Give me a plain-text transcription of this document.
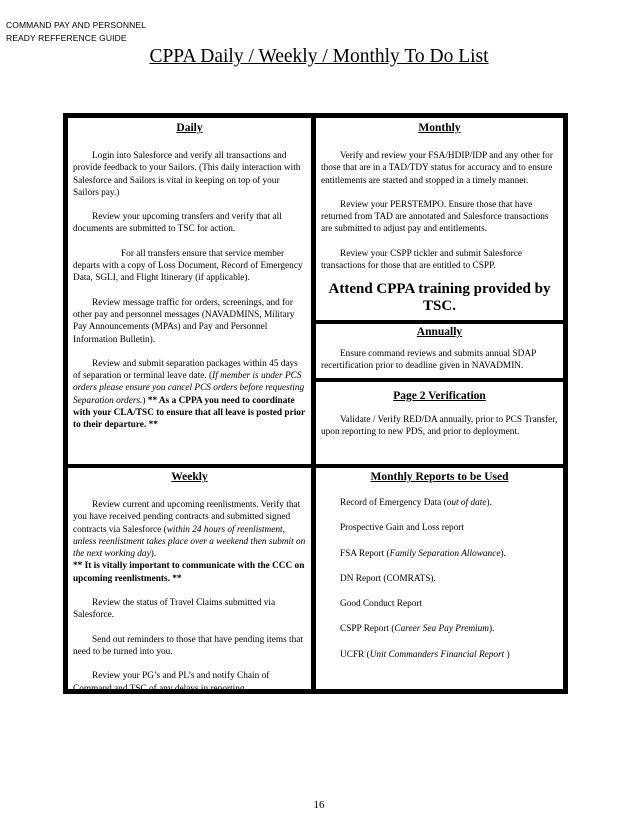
COMMAND PAY AND PERSONNEL
READY REFFERENCE GUIDE
CPPA Daily / Weekly / Monthly To Do List
Daily

Login into Salesforce and verify all transactions and provide feedback to your Sailors. (This daily interaction with Salesforce and Sailors is vital in keeping on top of your Sailors pay.)

Review your upcoming transfers and verify that all documents are submitted to TSC for action.

For all transfers ensure that service member departs with a copy of Loss Document, Record of Emergency Data, SGLI, and Flight Itinerary (if applicable).

Review message traffic for orders, screenings, and for other pay and personnel messages (NAVADMINS, Military Pay Announcements (MPAs) and Pay and Personnel Information Bulletin).

Review and submit separation packages within 45 days of separation or terminal leave date. (If member is under PCS orders please ensure you cancel PCS orders before requesting Separation orders.) ** As a CPPA you need to coordinate with your CLA/TSC to ensure that all leave is posted prior to their departure. **

Monthly

Verify and review your FSA/HDIP/IDP and any other for those that are in a TAD/TDY status for accuracy and to ensure entitlements are started and stopped in a timely manner.

Review your PERSTEMPO. Ensure those that have returned from TAD are annotated and Salesforce transactions are submitted to adjust pay and entitlements.

Review your CSPP tickler and submit Salesforce transactions for those that are entitled to CSPP.

Attend CPPA training provided by TSC.

Annually

Ensure command reviews and submits annual SDAP recertification prior to deadline given in NAVADMIN.

Page 2 Verification

Validate / Verify RED/DA annually, prior to PCS Transfer, upon reporting to new PDS, and prior to deployment.

Weekly

Review current and upcoming reenlistments. Verify that you have received pending contracts and submitted signed contracts via Salesforce (within 24 hours of reenlistment, unless reenlistment takes place over a weekend then submit on the next working day).

** It is vitally important to communicate with the CCC on upcoming reenlistments. **

Review the status of Travel Claims submitted via Salesforce.

Send out reminders to those that have pending items that need to be turned into you.

Review your PG’s and PL’s and notify Chain of Command and TSC of any delays in reporting.

Monthly Reports to be Used

Record of Emergency Data (out of date).

Prospective Gain and Loss report

FSA Report (Family Separation Allowance).

DN Report (COMRATS).

Good Conduct Report

CSPP Report (Career Sea Pay Premium).

UCFR (Unit Commanders Financial Report )

16
